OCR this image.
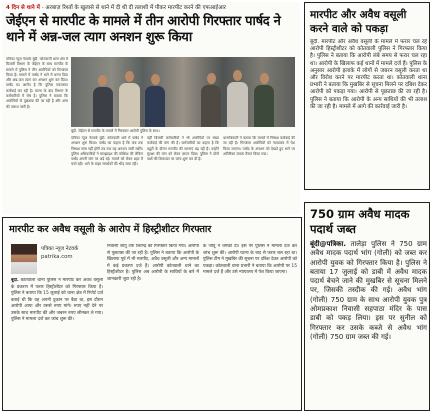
4 दिन से थाने में - अरबाज़ रिश्तों के खुलासे से थाने में दी थी दी तलाशी में पीकर मारपीट करने की एफआईआर
जेईएन से मारपीट के मामले में तीन आरोपी गिरफ्तार पार्षद ने थाने में अन्न-जल त्याग अनशन शुरू किया
पत्रिका न्यूज नेटवर्क बूंदी. कोतवाली थाना क्षेत्र में बिजली विभाग के जेईएन के साथ मारपीट के मामले में पुलिस ने तीन आरोपियों को गिरफ्तार किया है। मामले में पार्षद ने थाने में धरना दिया और अन्न-जल त्याग कर अनशन शुरू कर दिया। पार्षद का आरोप है कि पुलिस एकतरफा कार्रवाई कर रही है। घटना के बाद विभाग के कर्मचारियों में रोष है। पुलिस ने बताया कि आरोपियों से पूछताछ की जा रही है और अन्य की तलाश जारी है।
बूंदी. जेईएन से मारपीट के मामले में गिरफ्तार आरोपी पुलिस के साथ।
पत्रिका न्यूज नेटवर्क बूंदी. कोतवाली थाने में पार्षद ने अनशन शुरू किया। पार्षद का कहना है कि जब तक निष्पक्ष जांच नहीं होगी तब तक वह अनशन जारी रखेंगे। पुलिस अधिकारियों ने समझाइश की कोशिश की लेकिन पार्षद अपनी मांग पर अड़े रहे। मामले को लेकर शहर में चर्चा रही। थाने के बाहर समर्थकों की भीड़ जमा रही।
वहीं बिजली कर्मचारियों ने भी आरोपियों पर सख्त कार्रवाई की मांग की है। कर्मचारियों का कहना है कि ड्यूटी के दौरान मारपीट की घटनाएं बढ़ रही हैं। उन्होंने सुरक्षा की मांग को लेकर ज्ञापन दिया। पुलिस ने दोनों पक्षों की शिकायत पर जांच शुरू कर दी है।
थानाधिकारी ने बताया कि मामले में निष्पक्ष कार्रवाई की जा रही है। गिरफ्तार आरोपियों को न्यायालय में पेश किया जाएगा। पार्षद के अनशन को देखते हुए थाने पर अतिरिक्त जाब्ता तैनात किया गया।
मारपीट और अवैध वसूली करने वाले को पकड़ा
बूंदी. मारपीट और अवैध वसूली के मामले में फरार चल रहे आरोपी हिस्ट्रीशीटर को कोतवाली पुलिस ने गिरफ्तार किया है। पुलिस ने बताया कि आरोपी लंबे समय से फरार चल रहा था। आरोपी के खिलाफ कई थानों में मामले दर्ज हैं। पुलिस के अनुसार आरोपी इलाके में लोगों से जबरन वसूली करता था और विरोध करने पर मारपीट करता था। कोतवाली थाना प्रभारी ने बताया कि मुखबिर से सूचना मिलने पर दबिश देकर आरोपी को पकड़ा गया। आरोपी से पूछताछ की जा रही है। पुलिस ने बताया कि आरोपी के अन्य साथियों की भी तलाश की जा रही है। मामले में आगे की कार्रवाई जारी है।
मारपीट कर अवैध वसूली के आरोप में हिस्ट्रीशीटर गिरफ्तार
पत्रिका न्यूज नेटवर्क
patrika.com
बूंदी. कोतवाली थाना पुलिस ने मारपीट कर अवैध वसूली के प्रकरण में फरार हिस्ट्रीशीटर को गिरफ्तार किया है। पुलिस ने बताया कि 15 जुलाई को थाना क्षेत्र में रिपोर्ट दर्ज कराई थी कि वह अपनी दुकान पर बैठा था, इस दौरान आरोपी आया और उससे रुपए मांगे। रुपए नहीं देने पर उसके साथ मारपीट की और जबरन रुपए छीनकर ले गया। पुलिस ने मामला दर्ज कर जांच शुरू की।
निवासी जीतू उर्फ जितेन्द्र को गिरफ्तार किया गया। आरोपी से पूछताछ की जा रही है। पुलिस ने बताया कि आरोपी के खिलाफ पूर्व में भी मारपीट, अवैध वसूली और अन्य मामलों में कई प्रकरण दर्ज हैं। आरोपी कोतवाली थाने का हिस्ट्रीशीटर है। पुलिस अब आरोपी के साथियों के बारे में जानकारी जुटा रही है।
के जीतू ने धमकी दी। इस पर पुलिस ने मामला दर्ज कर जांच शुरू की। आरोपी घटना के बाद से फरार चल रहा था। पुलिस टीम ने मुखबिर की सूचना पर दबिश देकर आरोपी को पकड़ा। कोतवाली थाना प्रभारी ने बताया कि आरोपी पर 15 मामले दर्ज हैं और उसे न्यायालय में पेश किया जाएगा।
750 ग्राम अवैध मादक पदार्थ जब्त
बूंदी@पत्रिका. तालेड़ा पुलिस ने 750 ग्राम अवैध मादक पदार्थ भांग (गोली) को जब्त कर आरोपी युवक को गिरफ्तार किया है। पुलिस ने बताया 17 जुलाई को डाबी में अवैध मादक पदार्थ बेचने जाने की मुखबिर से सूचना मिलने पर, जिसकी तस्दीक की गई। अवैध भांग (गोली) 750 ग्राम के साथ आरोपी युवक पुत्र ओमप्रकाश निवासी सहपाठा मंदिर के पास डाबी को पकड़ लिया। इस पर सुनील को गिरफ्तार कर उसके कब्जे से अवैध भांग (गोली) 750 ग्राम जब्त की गई।
